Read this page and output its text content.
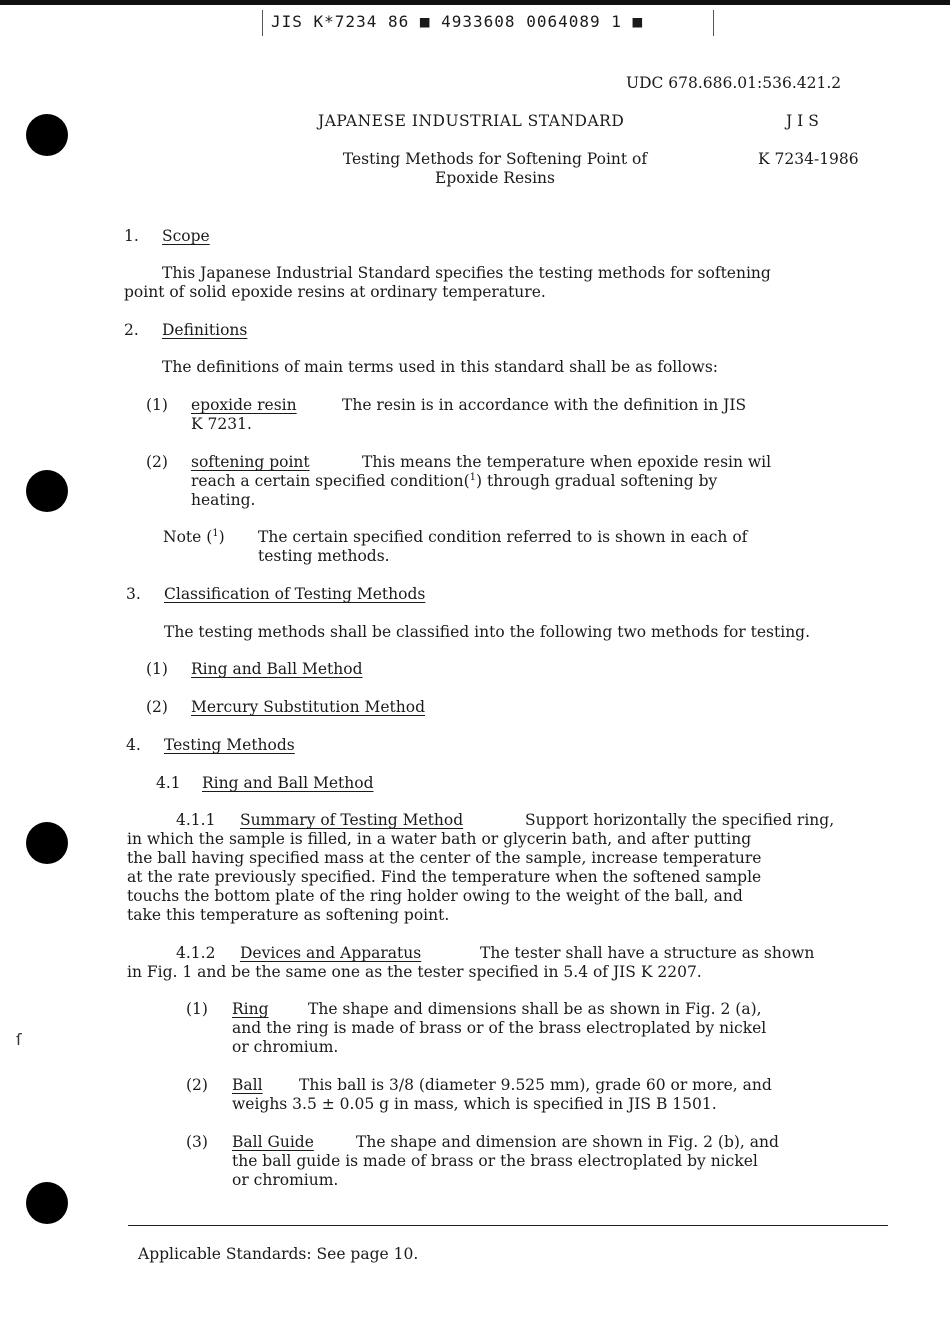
JIS K*7234 86 ■ 4933608 0064089 1 ■
ſ
UDC 678.686.01:536.421.2
JAPANESE INDUSTRIAL STANDARD	J I S
Testing Methods for Softening Point of
Epoxide Resins
K 7234-1986
1. Scope
This Japanese Industrial Standard specifies the testing methods for softening
point of solid epoxide resins at ordinary temperature.
2. Definitions
The definitions of main terms used in this standard shall be as follows:
(1) epoxide resin	The resin is in accordance with the definition in JIS
K 7231.
(2) softening point	This means the temperature when epoxide resin wil
reach a certain specified condition($^1$) through gradual softening by
heating.
Note ($^1$) The certain specified condition referred to is shown in each of
testing methods.
3. Classification of Testing Methods
The testing methods shall be classified into the following two methods for testing.
(1) Ring and Ball Method
(2) Mercury Substitution Method
4. Testing Methods
4.1 Ring and Ball Method
4.1.1 Summary of Testing Method	Support horizontally the specified ring,
in which the sample is filled, in a water bath or glycerin bath, and after putting
the ball having specified mass at the center of the sample, increase temperature
at the rate previously specified. Find the temperature when the softened sample
touchs the bottom plate of the ring holder owing to the weight of the ball, and
take this temperature as softening point.
4.1.2 Devices and Apparatus	The tester shall have a structure as shown
in Fig. 1 and be the same one as the tester specified in 5.4 of JIS K 2207.
(1) Ring	The shape and dimensions shall be as shown in Fig. 2 (a),
and the ring is made of brass or of the brass electroplated by nickel
or chromium.
(2) Ball This ball is 3/8 (diameter 9.525 mm), grade 60 or more, and
weighs 3.5 ± 0.05 g in mass, which is specified in JIS B 1501.
(3) Ball Guide	The shape and dimension are shown in Fig. 2 (b), and
the ball guide is made of brass or the brass electroplated by nickel
or chromium.
Applicable Standards: See page 10.
